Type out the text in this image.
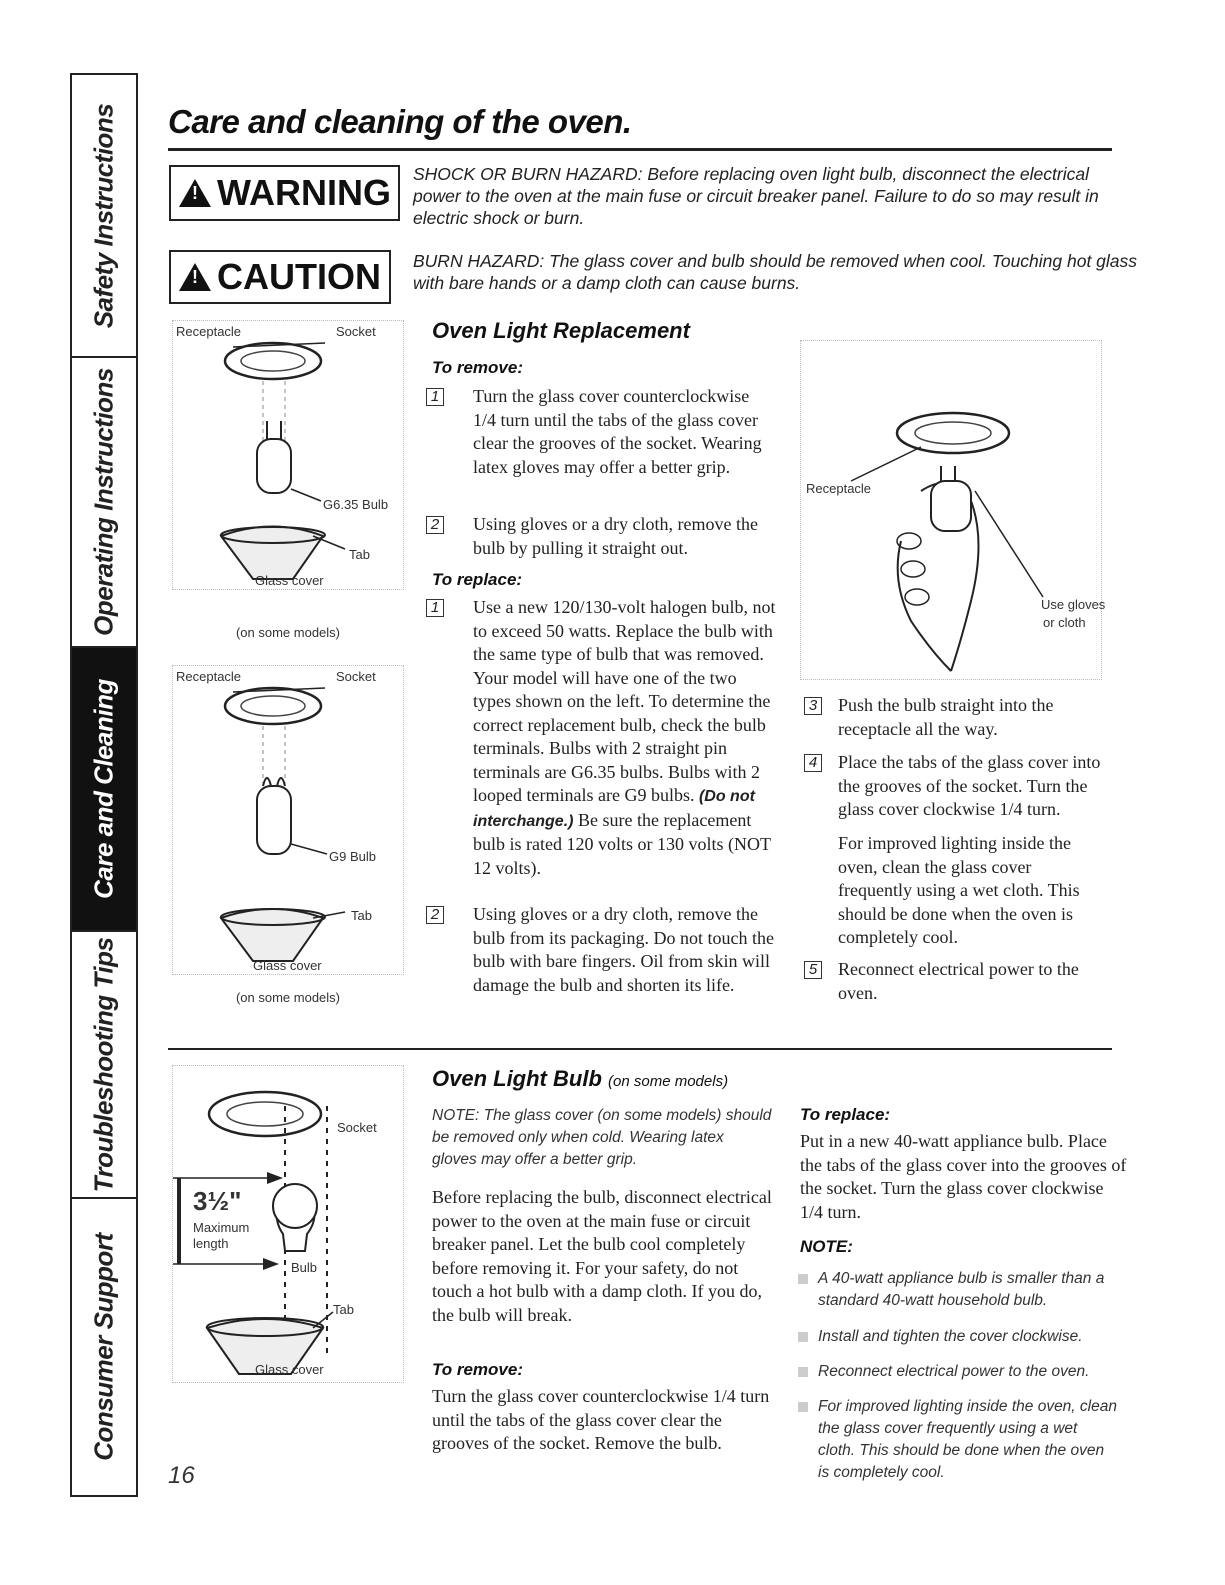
Safety Instructions
Operating Instructions
Care and Cleaning
Troubleshooting Tips
Consumer Support
Care and cleaning of the oven.
!
WARNING SHOCK OR BURN HAZARD: Before replacing oven light bulb, disconnect the electrical power to the oven at the main fuse or circuit breaker panel. Failure to do so may result in electric shock or burn.
!
CAUTION BURN HAZARD: The glass cover and bulb should be removed when cool. Touching hot glass with bare hands or a damp cloth can cause burns.
Receptacle	Socket
G6.35 Bulb
Tab
Glass cover
(on some models)
Receptacle	Socket
G9 Bulb
Tab
Glass cover
(on some models)
Oven Light Replacement
To remove:
1 Turn the glass cover counterclockwise 1/4 turn until the tabs of the glass cover clear the grooves of the socket. Wearing latex gloves may offer a better grip.
2 Using gloves or a dry cloth, remove the bulb by pulling it straight out.
To replace:
1 Use a new 120/130-volt halogen bulb, not to exceed 50 watts. Replace the bulb with the same type of bulb that was removed. Your model will have one of the two types shown on the left. To determine the correct replacement bulb, check the bulb terminals. Bulbs with 2 straight pin terminals are G6.35 bulbs. Bulbs with 2 looped terminals are G9 bulbs. (Do not interchange.) Be sure the replacement bulb is rated 120 volts or 130 volts (NOT 12 volts).
2 Using gloves or a dry cloth, remove the bulb from its packaging. Do not touch the bulb with bare fingers. Oil from skin will damage the bulb and shorten its life.
Receptacle
Use gloves
or cloth
3 Push the bulb straight into the receptacle all the way.
4 Place the tabs of the glass cover into the grooves of the socket. Turn the glass cover clockwise 1/4 turn.
For improved lighting inside the oven, clean the glass cover frequently using a wet cloth. This should be done when the oven is completely cool.
5 Reconnect electrical power to the oven.
Socket
3½"
Maximum
length
Bulb
Tab
Glass cover
Oven Light Bulb (on some models)
NOTE: The glass cover (on some models) should be removed only when cold. Wearing latex gloves may offer a better grip.
Before replacing the bulb, disconnect electrical power to the oven at the main fuse or circuit breaker panel. Let the bulb cool completely before removing it. For your safety, do not touch a hot bulb with a damp cloth. If you do, the bulb will break.
To remove:
Turn the glass cover counterclockwise 1/4 turn until the tabs of the glass cover clear the grooves of the socket. Remove the bulb.
To replace:
Put in a new 40-watt appliance bulb. Place the tabs of the glass cover into the grooves of the socket. Turn the glass cover clockwise 1/4 turn.
NOTE:
A 40-watt appliance bulb is smaller than a standard 40-watt household bulb.
Install and tighten the cover clockwise.
Reconnect electrical power to the oven.
For improved lighting inside the oven, clean the glass cover frequently using a wet cloth. This should be done when the oven is completely cool.
16
